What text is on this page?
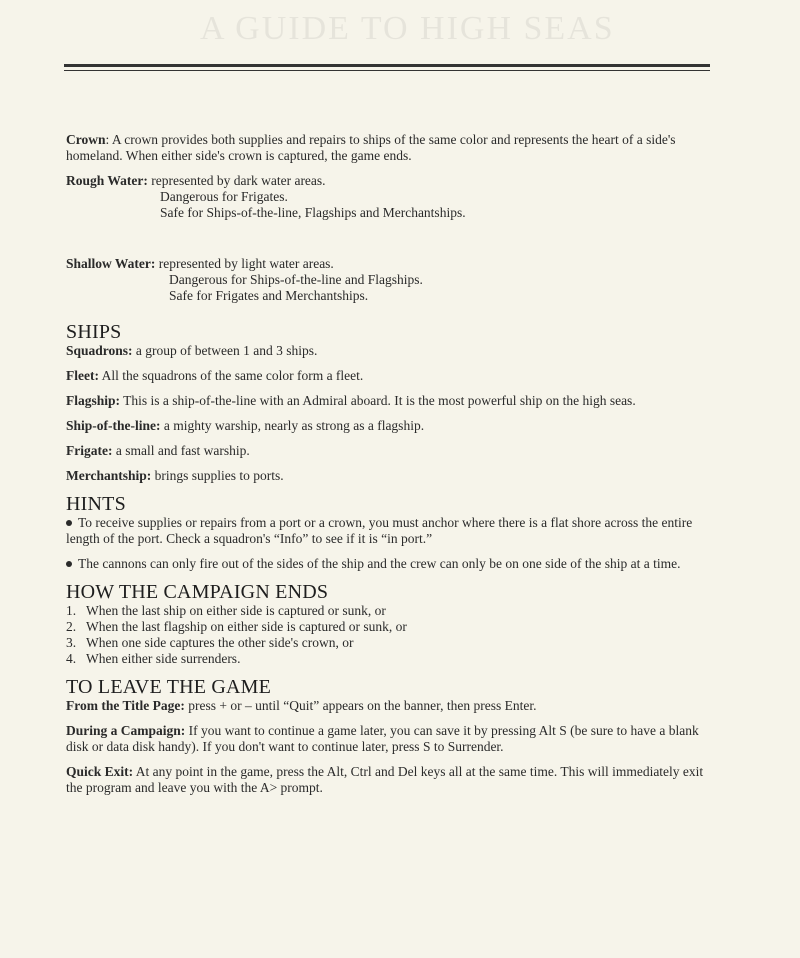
A GUIDE TO HIGH SEAS

Crown: A crown provides both supplies and repairs to ships of the same color and represents the heart of a side's homeland. When either side's crown is captured, the game ends.

Rough Water: represented by dark water areas.
Dangerous for Frigates.
Safe for Ships-of-the-line, Flagships and Merchantships.
Shallow Water: represented by light water areas.
Dangerous for Ships-of-the-line and Flagships.
Safe for Frigates and Merchantships.
SHIPS

Squadrons: a group of between 1 and 3 ships.

Fleet: All the squadrons of the same color form a fleet.

Flagship: This is a ship-of-the-line with an Admiral aboard. It is the most powerful ship on the high seas.

Ship-of-the-line: a mighty warship, nearly as strong as a flagship.

Frigate: a small and fast warship.

Merchantship: brings supplies to ports.

HINTS

To receive supplies or repairs from a port or a crown, you must anchor where there is a flat shore across the entire length of the port. Check a squadron's “Info” to see if it is “in port.”

The cannons can only fire out of the sides of the ship and the crew can only be on one side of the ship at a time.

HOW THE CAMPAIGN ENDS
1. When the last ship on either side is captured or sunk, or
2. When the last flagship on either side is captured or sunk, or
3. When one side captures the other side's crown, or
4. When either side surrenders.
TO LEAVE THE GAME

From the Title Page: press + or – until “Quit” appears on the banner, then press Enter.

During a Campaign: If you want to continue a game later, you can save it by pressing Alt S (be sure to have a blank disk or data disk handy). If you don't want to continue later, press S to Surrender.

Quick Exit: At any point in the game, press the Alt, Ctrl and Del keys all at the same time. This will immediately exit the program and leave you with the A> prompt.
